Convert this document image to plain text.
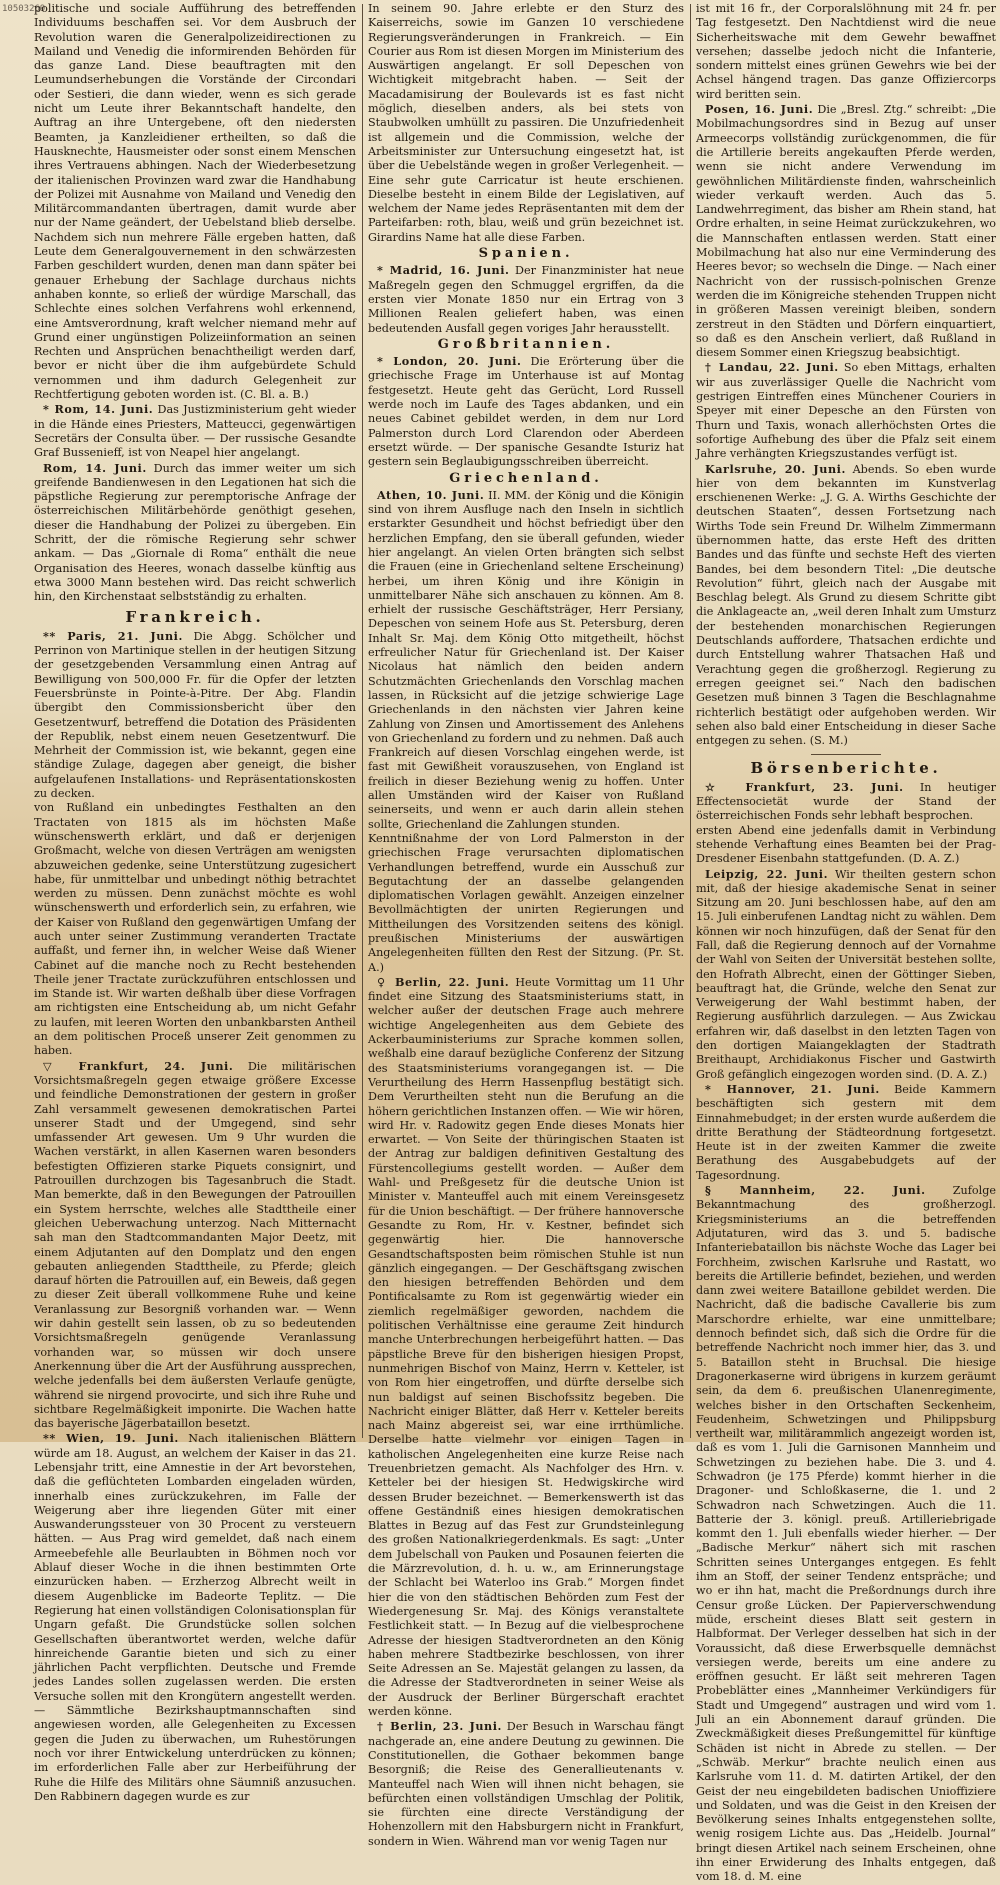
10503269

politische und sociale Aufführung des betreffenden Individuums beschaffen sei. Vor dem Ausbruch der Revolution waren die Generalpolizeidirectionen zu Mailand und Venedig die informirenden Behörden für das ganze Land. Diese beauftragten mit den Leumundserhebungen die Vorstände der Circondari oder Sestieri, die dann wieder, wenn es sich gerade nicht um Leute ihrer Bekanntschaft handelte, den Auftrag an ihre Untergebene, oft den niedersten Beamten, ja Kanzleidiener ertheilten, so daß die Hausknechte, Hausmeister oder sonst einem Menschen ihres Vertrauens abhingen. Nach der Wiederbesetzung der italienischen Provinzen ward zwar die Handhabung der Polizei mit Ausnahme von Mailand und Venedig den Militärcommandanten übertragen, damit wurde aber nur der Name geändert, der Uebelstand blieb derselbe. Nachdem sich nun mehrere Fälle ergeben hatten, daß Leute dem Generalgouvernement in den schwärzesten Farben geschildert wurden, denen man dann später bei genauer Erhebung der Sachlage durchaus nichts anhaben konnte, so erließ der würdige Marschall, das Schlechte eines solchen Verfahrens wohl erkennend, eine Amtsverordnung, kraft welcher niemand mehr auf Grund einer ungünstigen Polizeiinformation an seinen Rechten und Ansprüchen benachtheiligt werden darf, bevor er nicht über die ihm aufgebürdete Schuld vernommen und ihm dadurch Gelegenheit zur Rechtfertigung geboten worden ist. (C. Bl. a. B.)

* Rom, 14. Juni. Das Justizministerium geht wieder in die Hände eines Priesters, Matteucci, gegenwärtigen Secretärs der Consulta über. — Der russische Gesandte Graf Bussenieff, ist von Neapel hier angelangt.

Rom, 14. Juni. Durch das immer weiter um sich greifende Bandienwesen in den Legationen hat sich die päpstliche Regierung zur peremptorische Anfrage der österreichischen Militärbehörde genöthigt gesehen, dieser die Handhabung der Polizei zu übergeben. Ein Schritt, der die römische Regierung sehr schwer ankam. — Das „Giornale di Roma“ enthält die neue Organisation des Heeres, wonach dasselbe künftig aus etwa 3000 Mann bestehen wird. Das reicht schwerlich hin, den Kirchenstaat selbstständig zu erhalten.

Frankreich.

** Paris, 21. Juni. Die Abgg. Schölcher und Perrinon von Martinique stellen in der heutigen Sitzung der gesetzgebenden Versammlung einen Antrag auf Bewilligung von 500,000 Fr. für die Opfer der letzten Feuersbrünste in Pointe-à-Pitre. Der Abg. Flandin übergibt den Commissionsbericht über den Gesetzentwurf, betreffend die Dotation des Präsidenten der Republik, nebst einem neuen Gesetzentwurf. Die Mehrheit der Commission ist, wie bekannt, gegen eine ständige Zulage, dagegen aber geneigt, die bisher aufgelaufenen Installations- und Repräsentationskosten zu decken.

von Rußland ein unbedingtes Festhalten an den Tractaten von 1815 als im höchsten Maße wünschenswerth erklärt, und daß er derjenigen Großmacht, welche von diesen Verträgen am wenigsten abzuweichen gedenke, seine Unterstützung zugesichert habe, für unmittelbar und unbedingt nöthig betrachtet werden zu müssen. Denn zunächst möchte es wohl wünschenswerth und erforderlich sein, zu erfahren, wie der Kaiser von Rußland den gegenwärtigen Umfang der auch unter seiner Zustimmung veranderten Tractate auffaßt, und ferner ihn, in welcher Weise daß Wiener Cabinet auf die manche noch zu Recht bestehenden Theile jener Tractate zurückzuführen entschlossen und im Stande ist. Wir warten deßhalb über diese Vorfragen am richtigsten eine Entscheidung ab, um nicht Gefahr zu laufen, mit leeren Worten den unbankbarsten Antheil an dem politischen Proceß unserer Zeit genommen zu haben.

▽ Frankfurt, 24. Juni. Die militärischen Vorsichtsmaßregeln gegen etwaige größere Excesse und feindliche Demonstrationen der gestern in großer Zahl versammelt gewesenen demokratischen Partei unserer Stadt und der Umgegend, sind sehr umfassender Art gewesen. Um 9 Uhr wurden die Wachen verstärkt, in allen Kasernen waren besonders befestigten Offizieren starke Piquets consignirt, und Patrouillen durchzogen bis Tagesanbruch die Stadt. Man bemerkte, daß in den Bewegungen der Patrouillen ein System herrschte, welches alle Stadttheile einer gleichen Ueberwachung unterzog. Nach Mitternacht sah man den Stadtcommandanten Major Deetz, mit einem Adjutanten auf den Domplatz und den engen gebauten anliegenden Stadttheile, zu Pferde; gleich darauf hörten die Patrouillen auf, ein Beweis, daß gegen zu dieser Zeit überall vollkommene Ruhe und keine Veranlassung zur Besorgniß vorhanden war. — Wenn wir dahin gestellt sein lassen, ob zu so bedeutenden Vorsichtsmaßregeln genügende Veranlassung vorhanden war, so müssen wir doch unsere Anerkennung über die Art der Ausführung aussprechen, welche jedenfalls bei dem äußersten Verlaufe genügte, während sie nirgend provocirte, und sich ihre Ruhe und sichtbare Regelmäßigkeit imponirte. Die Wachen hatte das bayerische Jägerbataillon besetzt.

** Wien, 19. Juni. Nach italienischen Blättern würde am 18. August, an welchem der Kaiser in das 21. Lebensjahr tritt, eine Amnestie in der Art bevorstehen, daß die geflüchteten Lombarden eingeladen würden, innerhalb eines zurückzukehren, im Falle der Weigerung aber ihre liegenden Güter mit einer Auswanderungssteuer von 30 Procent zu versteuern hätten. — Aus Prag wird gemeldet, daß nach einem Armeebefehle alle Beurlaubten in Böhmen noch vor Ablauf dieser Woche in die ihnen bestimmten Orte einzurücken haben. — Erzherzog Albrecht weilt in diesem Augenblicke im Badeorte Teplitz. — Die Regierung hat einen vollständigen Colonisationsplan für Ungarn gefaßt. Die Grundstücke sollen solchen Gesellschaften überantwortet werden, welche dafür hinreichende Garantie bieten und sich zu einer jährlichen Pacht verpflichten. Deutsche und Fremde jedes Landes sollen zugelassen werden. Die ersten Versuche sollen mit den Krongütern angestellt werden. — Sämmtliche Bezirkshauptmannschaften sind angewiesen worden, alle Gelegenheiten zu Excessen gegen die Juden zu überwachen, um Ruhestörungen noch vor ihrer Entwickelung unterdrücken zu können; im erforderlichen Falle aber zur Herbeiführung der Ruhe die Hilfe des Militärs ohne Säumniß anzusuchen. Den Rabbinern dagegen wurde es zur

In seinem 90. Jahre erlebte er den Sturz des Kaiserreichs, sowie im Ganzen 10 verschiedene Regierungsveränderungen in Frankreich. — Ein Courier aus Rom ist diesen Morgen im Ministerium des Auswärtigen angelangt. Er soll Depeschen von Wichtigkeit mitgebracht haben. — Seit der Macadamisirung der Boulevards ist es fast nicht möglich, dieselben anders, als bei stets von Staubwolken umhüllt zu passiren. Die Unzufriedenheit ist allgemein und die Commission, welche der Arbeitsminister zur Untersuchung eingesetzt hat, ist über die Uebelstände wegen in großer Verlegenheit. — Eine sehr gute Carricatur ist heute erschienen. Dieselbe besteht in einem Bilde der Legislativen, auf welchem der Name jedes Repräsentanten mit dem der Parteifarben: roth, blau, weiß und grün bezeichnet ist. Girardins Name hat alle diese Farben.

Spanien.

* Madrid, 16. Juni. Der Finanzminister hat neue Maßregeln gegen den Schmuggel ergriffen, da die ersten vier Monate 1850 nur ein Ertrag von 3 Millionen Realen geliefert haben, was einen bedeutenden Ausfall gegen voriges Jahr herausstellt.

Großbritannien.

* London, 20. Juni. Die Erörterung über die griechische Frage im Unterhause ist auf Montag festgesetzt. Heute geht das Gerücht, Lord Russell werde noch im Laufe des Tages abdanken, und ein neues Cabinet gebildet werden, in dem nur Lord Palmerston durch Lord Clarendon oder Aberdeen ersetzt würde. — Der spanische Gesandte Isturiz hat gestern sein Beglaubigungsschreiben überreicht.

Griechenland.

Athen, 10. Juni. II. MM. der König und die Königin sind von ihrem Ausfluge nach den Inseln in sichtlich erstarkter Gesundheit und höchst befriedigt über den herzlichen Empfang, den sie überall gefunden, wieder hier angelangt. An vielen Orten brängten sich selbst die Frauen (eine in Griechenland seltene Erscheinung) herbei, um ihren König und ihre Königin in unmittelbarer Nähe sich anschauen zu können. Am 8. erhielt der russische Geschäftsträger, Herr Persiany, Depeschen von seinem Hofe aus St. Petersburg, deren Inhalt Sr. Maj. dem König Otto mitgetheilt, höchst erfreulicher Natur für Griechenland ist. Der Kaiser Nicolaus hat nämlich den beiden andern Schutzmächten Griechenlands den Vorschlag machen lassen, in Rücksicht auf die jetzige schwierige Lage Griechenlands in den nächsten vier Jahren keine Zahlung von Zinsen und Amortissement des Anlehens von Griechenland zu fordern und zu nehmen. Daß auch Frankreich auf diesen Vorschlag eingehen werde, ist fast mit Gewißheit vorauszusehen, von England ist freilich in dieser Beziehung wenig zu hoffen. Unter allen Umständen wird der Kaiser von Rußland seinerseits, und wenn er auch darin allein stehen sollte, Griechenland die Zahlungen stunden.

Kenntnißnahme der von Lord Palmerston in der griechischen Frage verursachten diplomatischen Verhandlungen betreffend, wurde ein Ausschuß zur Begutachtung der an dasselbe gelangenden diplomatischen Vorlagen gewählt. Anzeigen einzelner Bevollmächtigten der unirten Regierungen und Mittheilungen des Vorsitzenden seitens des königl. preußischen Ministeriums der auswärtigen Angelegenheiten füllten den Rest der Sitzung. (Pr. St. A.)

♀ Berlin, 22. Juni. Heute Vormittag um 11 Uhr findet eine Sitzung des Staatsministeriums statt, in welcher außer der deutschen Frage auch mehrere wichtige Angelegenheiten aus dem Gebiete des Ackerbauministeriums zur Sprache kommen sollen, weßhalb eine darauf bezügliche Conferenz der Sitzung des Staatsministeriums vorangegangen ist. — Die Verurtheilung des Herrn Hassenpflug bestätigt sich. Dem Verurtheilten steht nun die Berufung an die höhern gerichtlichen Instanzen offen. — Wie wir hören, wird Hr. v. Radowitz gegen Ende dieses Monats hier erwartet. — Von Seite der thüringischen Staaten ist der Antrag zur baldigen definitiven Gestaltung des Fürstencollegiums gestellt worden. — Außer dem Wahl- und Preßgesetz für die deutsche Union ist Minister v. Manteuffel auch mit einem Vereinsgesetz für die Union beschäftigt. — Der frühere hannoversche Gesandte zu Rom, Hr. v. Kestner, befindet sich gegenwärtig hier. Die hannoversche Gesandtschaftsposten beim römischen Stuhle ist nun gänzlich eingegangen. — Der Geschäftsgang zwischen den hiesigen betreffenden Behörden und dem Pontificalsamte zu Rom ist gegenwärtig wieder ein ziemlich regelmäßiger geworden, nachdem die politischen Verhältnisse eine geraume Zeit hindurch manche Unterbrechungen herbeigeführt hatten. — Das päpstliche Breve für den bisherigen hiesigen Propst, nunmehrigen Bischof von Mainz, Herrn v. Ketteler, ist von Rom hier eingetroffen, und dürfte derselbe sich nun baldigst auf seinen Bischofssitz begeben. Die Nachricht einiger Blätter, daß Herr v. Ketteler bereits nach Mainz abgereist sei, war eine irrthümliche. Derselbe hatte vielmehr vor einigen Tagen in katholischen Angelegenheiten eine kurze Reise nach Treuenbrietzen gemacht. Als Nachfolger des Hrn. v. Ketteler bei der hiesigen St. Hedwigskirche wird dessen Bruder bezeichnet. — Bemerkenswerth ist das offene Geständniß eines hiesigen demokratischen Blattes in Bezug auf das Fest zur Grundsteinlegung des großen Nationalkriegerdenkmals. Es sagt: „Unter dem Jubelschall von Pauken und Posaunen feierten die die Märzrevolution, d. h. u. w., am Erinnerungstage der Schlacht bei Waterloo ins Grab.“ Morgen findet hier die von den städtischen Behörden zum Fest der Wiedergenesung Sr. Maj. des Königs veranstaltete Festlichkeit statt. — In Bezug auf die vielbesprochene Adresse der hiesigen Stadtverordneten an den König haben mehrere Stadtbezirke beschlossen, von ihrer Seite Adressen an Se. Majestät gelangen zu lassen, da die Adresse der Stadtverordneten in seiner Weise als der Ausdruck der Berliner Bürgerschaft erachtet werden könne.

† Berlin, 23. Juni. Der Besuch in Warschau fängt nachgerade an, eine andere Deutung zu gewinnen. Die Constitutionellen, die Gothaer bekommen bange Besorgniß; die Reise des Generallieutenants v. Manteuffel nach Wien will ihnen nicht behagen, sie befürchten einen vollständigen Umschlag der Politik, sie fürchten eine directe Verständigung der Hohenzollern mit den Habsburgern nicht in Frankfurt, sondern in Wien. Während man vor wenig Tagen nur

ist mit 16 fr., der Corporalslöhnung mit 24 fr. per Tag festgesetzt. Den Nachtdienst wird die neue Sicherheitswache mit dem Gewehr bewaffnet versehen; dasselbe jedoch nicht die Infanterie, sondern mittelst eines grünen Gewehrs wie bei der Achsel hängend tragen. Das ganze Offiziercorps wird beritten sein.

Posen, 16. Juni. Die „Bresl. Ztg.“ schreibt: „Die Mobilmachungsordres sind in Bezug auf unser Armeecorps vollständig zurückgenommen, die für die Artillerie bereits angekauften Pferde werden, wenn sie nicht andere Verwendung im gewöhnlichen Militärdienste finden, wahrscheinlich wieder verkauft werden. Auch das 5. Landwehrregiment, das bisher am Rhein stand, hat Ordre erhalten, in seine Heimat zurückzukehren, wo die Mannschaften entlassen werden. Statt einer Mobilmachung hat also nur eine Verminderung des Heeres bevor; so wechseln die Dinge. — Nach einer Nachricht von der russisch-polnischen Grenze werden die im Königreiche stehenden Truppen nicht in größeren Massen vereinigt bleiben, sondern zerstreut in den Städten und Dörfern einquartiert, so daß es den Anschein verliert, daß Rußland in diesem Sommer einen Kriegszug beabsichtigt.

† Landau, 22. Juni. So eben Mittags, erhalten wir aus zuverlässiger Quelle die Nachricht vom gestrigen Eintreffen eines Münchener Couriers in Speyer mit einer Depesche an den Fürsten von Thurn und Taxis, wonach allerhöchsten Ortes die sofortige Aufhebung des über die Pfalz seit einem Jahre verhängten Kriegszustandes verfügt ist.

Karlsruhe, 20. Juni. Abends. So eben wurde hier von dem bekannten im Kunstverlag erschienenen Werke: „J. G. A. Wirths Geschichte der deutschen Staaten“, dessen Fortsetzung nach Wirths Tode sein Freund Dr. Wilhelm Zimmermann übernommen hatte, das erste Heft des dritten Bandes und das fünfte und sechste Heft des vierten Bandes, bei dem besondern Titel: „Die deutsche Revolution“ führt, gleich nach der Ausgabe mit Beschlag belegt. Als Grund zu diesem Schritte gibt die Anklageacte an, „weil deren Inhalt zum Umsturz der bestehenden monarchischen Regierungen Deutschlands auffordere, Thatsachen erdichte und durch Entstellung wahrer Thatsachen Haß und Verachtung gegen die großherzogl. Regierung zu erregen geeignet sei.“ Nach den badischen Gesetzen muß binnen 3 Tagen die Beschlagnahme richterlich bestätigt oder aufgehoben werden. Wir sehen also bald einer Entscheidung in dieser Sache entgegen zu sehen. (S. M.)

Börsenberichte.

☆ Frankfurt, 23. Juni. In heutiger Effectensocietät wurde der Stand der österreichischen Fonds sehr lebhaft besprochen.

ersten Abend eine jedenfalls damit in Verbindung stehende Verhaftung eines Beamten bei der Prag-Dresdener Eisenbahn stattgefunden. (D. A. Z.)

Leipzig, 22. Juni. Wir theilten gestern schon mit, daß der hiesige akademische Senat in seiner Sitzung am 20. Juni beschlossen habe, auf den am 15. Juli einberufenen Landtag nicht zu wählen. Dem können wir noch hinzufügen, daß der Senat für den Fall, daß die Regierung dennoch auf der Vornahme der Wahl von Seiten der Universität bestehen sollte, den Hofrath Albrecht, einen der Göttinger Sieben, beauftragt hat, die Gründe, welche den Senat zur Verweigerung der Wahl bestimmt haben, der Regierung ausführlich darzulegen. — Aus Zwickau erfahren wir, daß daselbst in den letzten Tagen von den dortigen Maiangeklagten der Stadtrath Breithaupt, Archidiakonus Fischer und Gastwirth Groß gefänglich eingezogen worden sind. (D. A. Z.)

* Hannover, 21. Juni. Beide Kammern beschäftigten sich gestern mit dem Einnahmebudget; in der ersten wurde außerdem die dritte Berathung der Städteordnung fortgesetzt. Heute ist in der zweiten Kammer die zweite Berathung des Ausgabebudgets auf der Tagesordnung.

§ Mannheim, 22. Juni. Zufolge Bekanntmachung des großherzogl. Kriegsministeriums an die betreffenden Adjutaturen, wird das 3. und 5. badische Infanteriebataillon bis nächste Woche das Lager bei Forchheim, zwischen Karlsruhe und Rastatt, wo bereits die Artillerie befindet, beziehen, und werden dann zwei weitere Bataillone gebildet werden. Die Nachricht, daß die badische Cavallerie bis zum Marschordre erhielte, war eine unmittelbare; dennoch befindet sich, daß sich die Ordre für die betreffende Nachricht noch immer hier, das 3. und 5. Bataillon steht in Bruchsal. Die hiesige Dragonerkaserne wird übrigens in kurzem geräumt sein, da dem 6. preußischen Ulanenregimente, welches bisher in den Ortschaften Seckenheim, Feudenheim, Schwetzingen und Philippsburg vertheilt war, militärammlich angezeigt worden ist, daß es vom 1. Juli die Garnisonen Mannheim und Schwetzingen zu beziehen habe. Die 3. und 4. Schwadron (je 175 Pferde) kommt hierher in die Dragoner- und Schloßkaserne, die 1. und 2 Schwadron nach Schwetzingen. Auch die 11. Batterie der 3. königl. preuß. Artilleriebrigade kommt den 1. Juli ebenfalls wieder hierher. — Der „Badische Merkur“ nähert sich mit raschen Schritten seines Unterganges entgegen. Es fehlt ihm an Stoff, der seiner Tendenz entspräche; und wo er ihn hat, macht die Preßordnungs durch ihre Censur große Lücken. Der Papierverschwendung müde, erscheint dieses Blatt seit gestern in Halbformat. Der Verleger desselben hat sich in der Voraussicht, daß diese Erwerbsquelle demnächst versiegen werde, bereits um eine andere zu eröffnen gesucht. Er läßt seit mehreren Tagen Probeblätter eines „Mannheimer Verkündigers für Stadt und Umgegend“ austragen und wird vom 1. Juli an ein Abonnement darauf gründen. Die Zweckmäßigkeit dieses Preßungemittel für künftige Schäden ist nicht in Abrede zu stellen. — Der „Schwäb. Merkur“ brachte neulich einen aus Karlsruhe vom 11. d. M. datirten Artikel, der den Geist der neu eingebildeten badischen Unioffiziere und Soldaten, und was die Geist in den Kreisen der Bevölkerung seines Inhalts entgegenstehen sollte, wenig rosigem Lichte aus. Das „Heidelb. Journal“ bringt diesen Artikel nach seinem Erscheinen, ohne ihn einer Erwiderung des Inhalts entgegen, daß vom 18. d. M. eine
